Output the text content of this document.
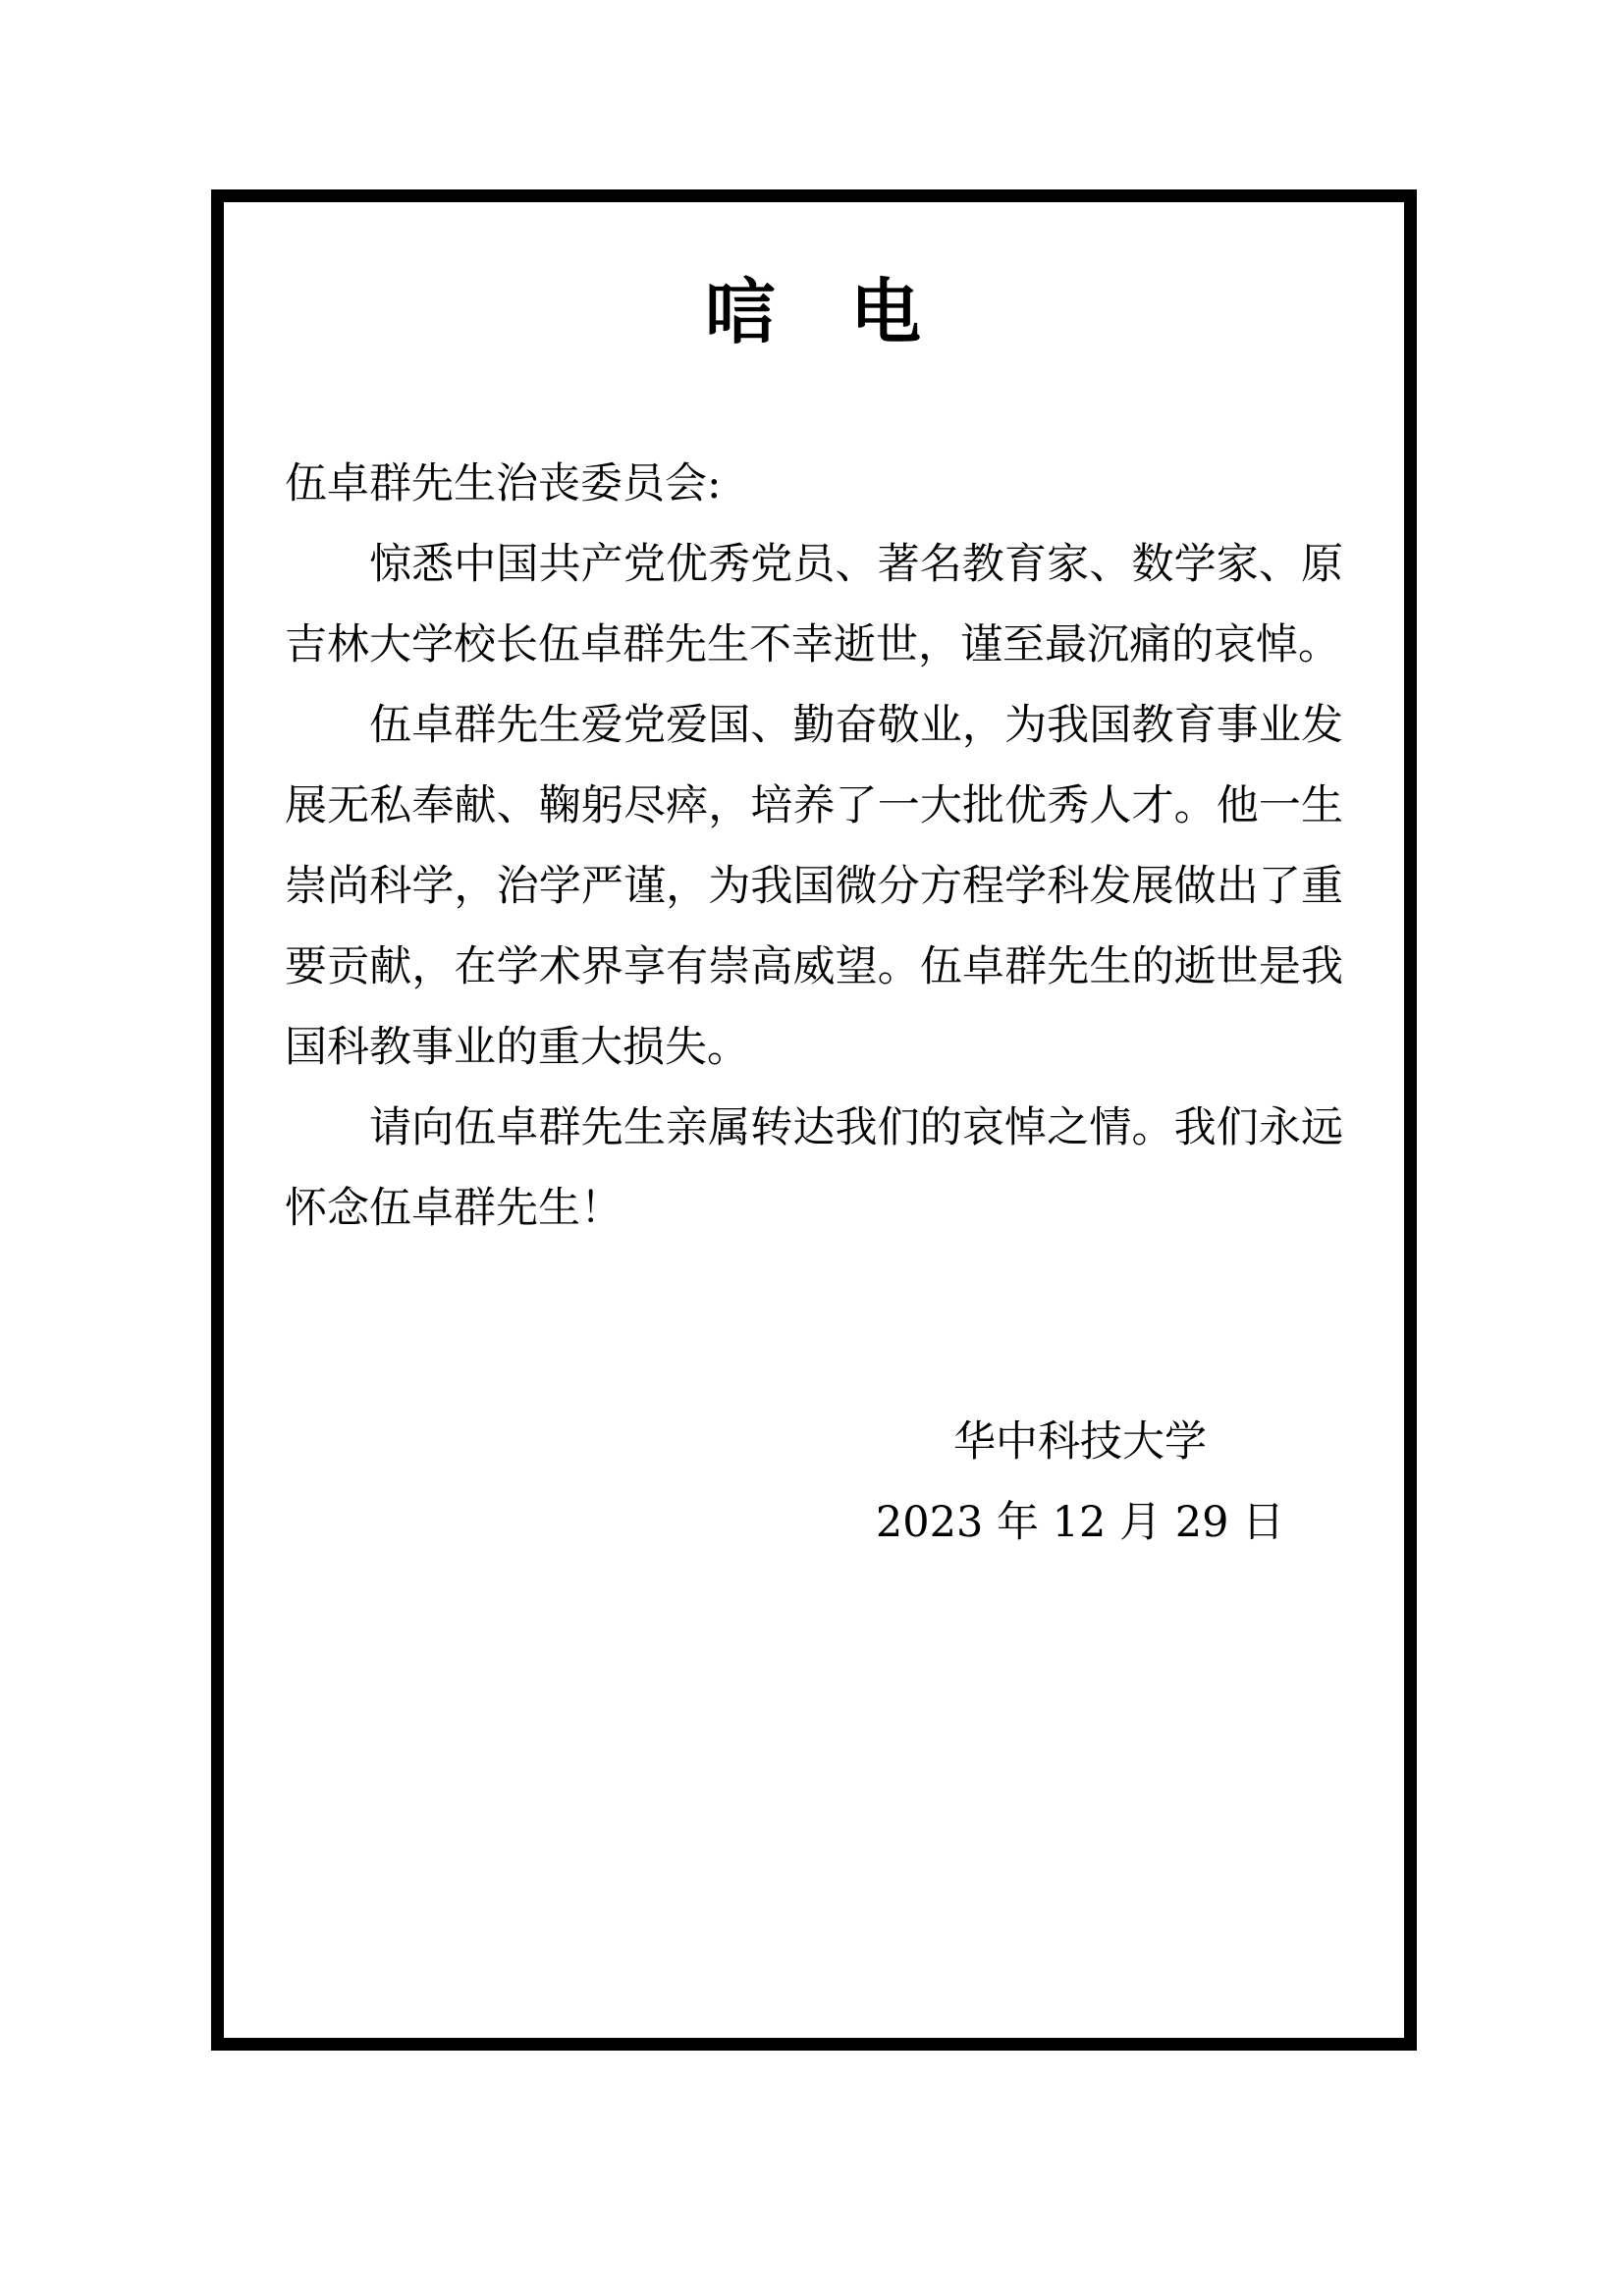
唁　电

伍卓群先生治丧委员会:

惊悉中国共产党优秀党员、著名教育家、数学家、原吉林大学校长伍卓群先生不幸逝世，谨至最沉痛的哀悼。

伍卓群先生爱党爱国、勤奋敬业，为我国教育事业发展无私奉献、鞠躬尽瘁，培养了一大批优秀人才。他一生崇尚科学，治学严谨，为我国微分方程学科发展做出了重要贡献，在学术界享有崇高威望。伍卓群先生的逝世是我国科教事业的重大损失。

请向伍卓群先生亲属转达我们的哀悼之情。我们永远怀念伍卓群先生！

华中科技大学
2023 年 12 月 29 日
